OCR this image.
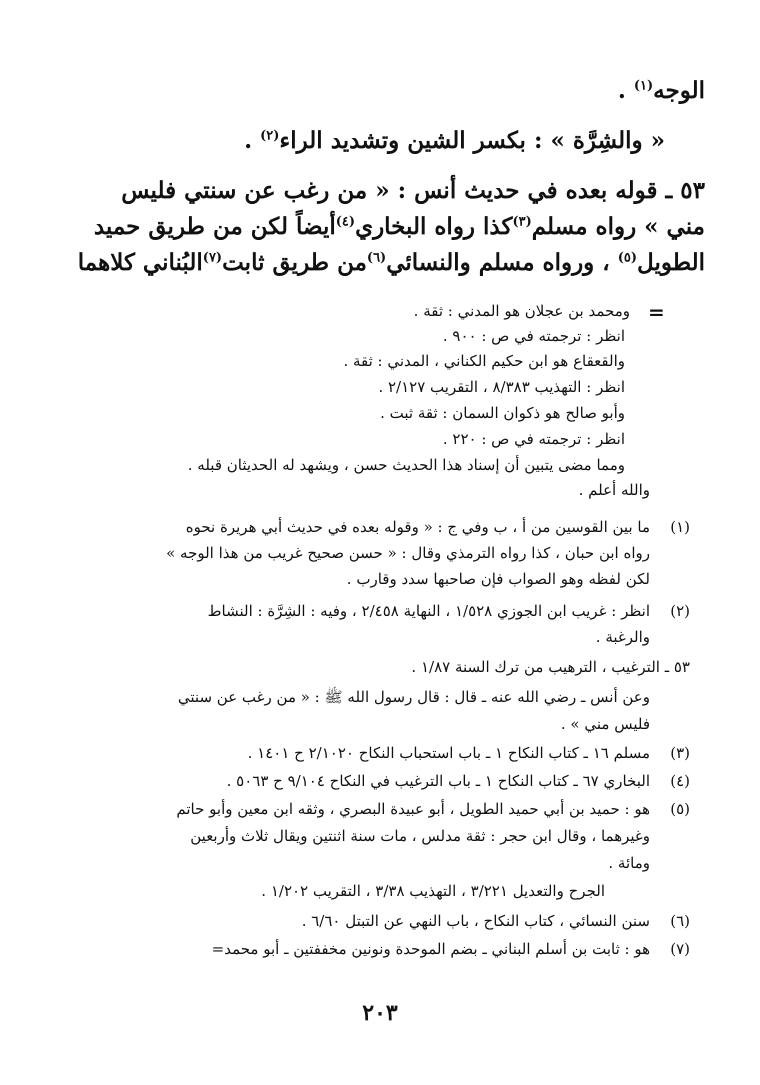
الوجه$^{(١)}$ .
« والشِرَّة » : بكسر الشين وتشديد الراء$^{(٢)}$ .
٥٣ ـ قوله بعده في حديث أنس : « من رغب عن سنتي فليس
مني » رواه مسلم$^{(٣)}$كذا رواه البخاري$^{(٤)}$أيضاً لكن من طريق حميد
الطويل$^{(٥)}$ ، ورواه مسلم والنسائي$^{(٦)}$من طريق ثابت$^{(٧)}$البُناني كلاهما
=
ومحمد بن عجلان هو المدني : ثقة .
انظر : ترجمته في ص : ٩٠٠ .
والقعقاع هو ابن حكيم الكناني ، المدني : ثقة .
انظر : التهذيب ٨/٣٨٣ ، التقريب ٢/١٢٧ .
وأبو صالح هو ذكوان السمان : ثقة ثبت .
انظر : ترجمته في ص : ٢٢٠ .
ومما مضى يتبين أن إسناد هذا الحديث حسن ، ويشهد له الحديثان قبله .
والله أعلم .
(١)
ما بين القوسين من أ ، ب وفي ج : « وقوله بعده في حديث أبي هريرة نحوه
رواه ابن حبان ، كذا رواه الترمذي وقال : « حسن صحيح غريب من هذا الوجه »
لكن لفظه وهو الصواب فإن صاحبها سدد وقارب .
(٢)
انظر : غريب ابن الجوزي ١/٥٢٨ ، النهاية ٢/٤٥٨ ، وفيه : الشِرَّة : النشاط
والرغبة .
٥٣ ـ الترغيب ، الترهيب من ترك السنة ١/٨٧ .
وعن أنس ـ رضي الله عنه ـ قال : قال رسول الله ﷺ : « من رغب عن سنتي
فليس مني » .
(٣)
مسلم ١٦ ـ كتاب النكاح ١ ـ باب استحباب النكاح ٢/١٠٢٠ ح ١٤٠١ .
(٤)
البخاري ٦٧ ـ كتاب النكاح ١ ـ باب الترغيب في النكاح ٩/١٠٤ ح ٥٠٦٣ .
(٥)
هو : حميد بن أبي حميد الطويل ، أبو عبيدة البصري ، وثقه ابن معين وأبو حاتم
وغيرهما ، وقال ابن حجر : ثقة مدلس ، مات سنة اثنتين ويقال ثلاث وأربعين
ومائة .
الجرح والتعديل ٣/٢٢١ ، التهذيب ٣/٣٨ ، التقريب ١/٢٠٢ .
(٦)
سنن النسائي ، كتاب النكاح ، باب النهي عن التبتل ٦/٦٠ .
(٧)
هو : ثابت بن أسلم البناني ـ بضم الموحدة ونونين مخففتين ـ أبو محمد=
٢٠٣
